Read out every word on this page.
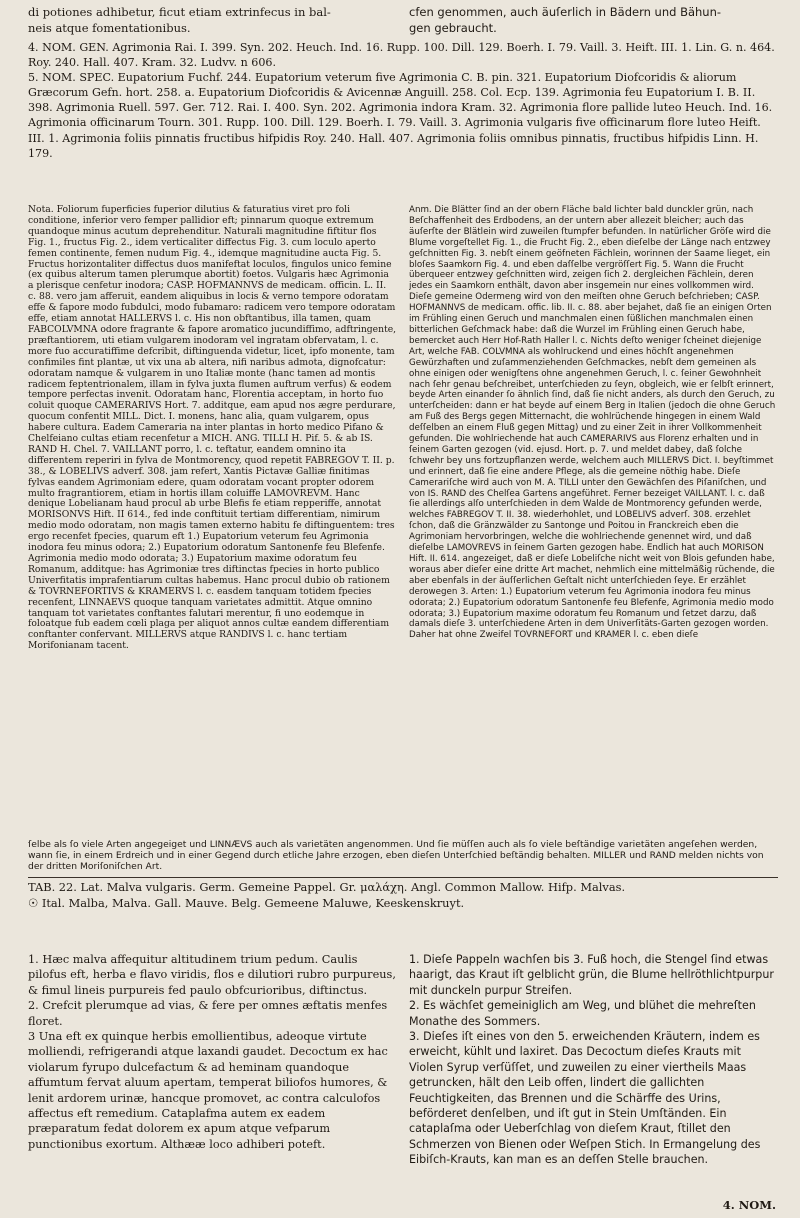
di potiones adhibetur, ficut etiam extrinfecus in bal-
neis atque fomentationibus.

cfen genommen, auch äuſerlich in Bädern und Bähun-
gen gebraucht.

4. NOM. GEN. Agrimonia Rai. I. 399. Syn. 202. Heuch. Ind. 16. Rupp. 100. Dill. 129. Boerh. I. 79. Vaill. 3. Heift. III. 1. Lin. G. n. 464. Roy. 240. Hall. 407. Kram. 32. Ludvv. n 606.
5. NOM. SPEC. Eupatorium Fuchf. 244. Eupatorium veterum five Agrimonia C. B. pin. 321. Eupatorium Diofcoridis & aliorum Græcorum Gefn. hort. 258. a. Eupatorium Diofcoridis & Avicennæ Anguill. 258. Col. Ecp. 139. Agrimonia feu Eupatorium I. B. II. 398. Agrimonia Ruell. 597. Ger. 712. Rai. I. 400. Syn. 202. Agrimonia indora Kram. 32. Agrimonia flore pallide luteo Heuch. Ind. 16. Agrimonia officinarum Tourn. 301. Rupp. 100. Dill. 129. Boerh. I. 79. Vaill. 3. Agrimonia vulgaris five officinarum flore luteo Heift. III. 1. Agrimonia foliis pinnatis fructibus hifpidis Roy. 240. Hall. 407. Agrimonia foliis omnibus pinnatis, fructibus hifpidis Linn. H. 179.

Nota. Foliorum fuperficies fuperior dilutius & faturatius viret pro foli conditione, inferior vero femper pallidior eft; pinnarum quoque extremum quandoque minus acutum deprehenditur. Naturali magnitudine fiftitur flos Fig. 1., fructus Fig. 2., idem verticaliter diffectus Fig. 3. cum loculo aperto femen continente, femen nudum Fig. 4., idemque magnitudine aucta Fig. 5. Fructus horizontaliter diffectus duos manifeftat loculos, fingulos unico femine (ex quibus alterum tamen plerumque abortit) foetos. Vulgaris hæc Agrimonia a plerisque cenfetur inodora; CASP. HOFMANNVS de medicam. officin. L. II. c. 88. vero jam afferuit, eandem aliquibus in locis & verno tempore odoratam effe & fapore modo fubdulci, modo fubamaro: radicem vero tempore odoratam effe, etiam annotat HALLERVS l. c. His non obftantibus, illa tamen, quam FABCOLVMNA odore fragrante & fapore aromatico jucundiffimo, adftringente, præftantiorem, uti etiam vulgarem inodoram vel ingratam obfervatam, l. c. more fuo accuratiffime defcribit, diftinguenda videtur, licet, ipfo monente, tam confimiles fint plantæ, ut vix una ab altera, nifi naribus admota, dignofcatur: odoratam namque & vulgarem in uno Italiæ monte (hanc tamen ad montis radicem feptentrionalem, illam in fylva juxta flumen auftrum verfus) & eodem tempore perfectas invenit. Odoratam hanc, Florentia acceptam, in horto fuo coluit quoque CAMERARIVS Hort. 7. additque, eam apud nos ægre perdurare, quocum confentit MILL. Dict. I. monens, hanc alia, quam vulgarem, opus habere cultura. Eadem Cameraria na inter plantas in horto medico Pifano & Chelfeiano cultas etiam recenfetur a MICH. ANG. TILLI H. Pif. 5. & ab IS. RAND H. Chel. 7. VAILLANT porro, l. c. teftatur, eandem omnino ita differentem reperiri in fylva de Montmorency, quod repetit FABREGOV T. II. p. 38., & LOBELIVS adverf. 308. jam refert, Xantis Pictavæ Galliæ finitimas fylvas eandem Agrimoniam edere, quam odoratam vocant propter odorem multo fragrantiorem, etiam in hortis illam coluiffe LAMOVREVM. Hanc denique Lobelianam haud procul ab urbe Blefis fe etiam repperiffe, annotat MORISONVS Hift. II 614., fed inde conftituit tertiam differentiam, nimirum medio modo odoratam, non magis tamen externo habitu fe diftinguentem: tres ergo recenfet fpecies, quarum eft 1.) Eupatorium veterum feu Agrimonia inodora feu minus odora; 2.) Eupatorium odoratum Santonenfe feu Blefenfe. Agrimonia medio modo odorata; 3.) Eupatorium maxime odoratum feu Romanum, additque: has Agrimoniæ tres diftinctas fpecies in horto publico Univerfitatis imprafentiarum cultas habemus. Hanc procul dubio ob rationem & TOVRNEFORTIVS & KRAMERVS l. c. easdem tanquam totidem fpecies recenfent, LINNAEVS quoque tanquam varietates admittit. Atque omnino tanquam tot varietates conftantes falutari merentur, fi uno eodemque in foloatque fub eadem cœli plaga per aliquot annos cultæ eandem differentiam conftanter confervant. MILLERVS atque RANDIVS l. c. hanc tertiam Morifonianam tacent.

Anm. Die Blätter ſind an der obern Fläche bald lichter bald dunckler grün, nach Beſchaffenheit des Erdbodens, an der untern aber allezeit bleicher; auch das äuſerſte der Blätlein wird zuweilen ſtumpfer befunden. In natürlicher Gröſe wird die Blume vorgeſtellet Fig. 1., die Frucht Fig. 2., eben dieſelbe der Länge nach entzwey geſchnitten Fig. 3. nebſt einem geöfneten Fächlein, worinnen der Saame lieget, ein bloſes Saamkorn Fig. 4. und eben daſſelbe vergröſſert Fig. 5. Wann die Frucht überqueer entzwey geſchnitten wird, zeigen ſich 2. dergleichen Fächlein, deren jedes ein Saamkorn enthält, davon aber insgemein nur eines vollkommen wird. Dieſe gemeine Odermeng wird von den meiſten ohne Geruch beſchrieben; CASP. HOFMANNVS de medicam. offic. lib. II. c. 88. aber bejahet, daß ſie an einigen Orten im Frühling einen Geruch und manchmalen einen ſüßlichen manchmalen einen bitterlichen Geſchmack habe: daß die Wurzel im Frühling einen Geruch habe, bemercket auch Herr Hof-Rath Haller l. c. Nichts deſto weniger ſcheinet diejenige Art, welche FAB. COLVMNA als wohlruckend und eines höchſt angenehmen Gewürzhaften und zuſammenziehenden Geſchmackes, nebſt dem gemeinen als ohne einigen oder wenigſtens ohne angenehmen Geruch, l. c. ſeiner Gewohnheit nach ſehr genau beſchreibet, unterſchieden zu ſeyn, obgleich, wie er ſelbſt erinnert, beyde Arten einander ſo ähnlich ſind, daß ſie nicht anders, als durch den Geruch, zu unterſcheiden: dann er hat beyde auf einem Berg in Italien (jedoch die ohne Geruch am Fuß des Bergs gegen Mitternacht, die wohlrüchende hingegen in einem Wald deſſelben an einem Fluß gegen Mittag) und zu einer Zeit in ihrer Vollkommenheit gefunden. Die wohlriechende hat auch CAMERARIVS aus Florenz erhalten und in ſeinem Garten gezogen (vid. ejusd. Hort. p. 7. und meldet dabey, daß ſolche ſchwehr bey uns fortzupflanzen werde, welchem auch MILLERVS Dict. I. beyſtimmet und erinnert, daß ſie eine andere Pflege, als die gemeine nöthig habe. Dieſe Camerariſche wird auch von M. A. TILLI unter den Gewächſen des Piſaniſchen, und von IS. RAND des Chelſea Gartens angeführet. Ferner bezeiget VAILLANT. l. c. daß ſie allerdings alſo unterſchieden in dem Walde de Montmorency gefunden werde, welches FABREGOV T. II. 38. wiederhohlet, und LOBELIVS adverſ. 308. erzehlet ſchon, daß die Gränzwälder zu Santonge und Poitou in Franckreich eben die Agrimoniam hervorbringen, welche die wohlriechende genennet wird, und daß dieſelbe LAMOVREVS in ſeinem Garten gezogen habe. Endlich hat auch MORISON Hift. II. 614. angezeiget, daß er dieſe Lobeliſche nicht weit von Blois gefunden habe, woraus aber dieſer eine dritte Art machet, nehmlich eine mittelmäßig rüchende, die aber ebenfals in der äuſſerlichen Geſtalt nicht unterſchieden ſeye. Er erzählet derowegen 3. Arten: 1.) Eupatorium veterum feu Agrimonia inodora feu minus odorata; 2.) Eupatorium odoratum Santonenfe feu Blefenfe, Agrimonia medio modo odorata; 3.) Eupatorium maxime odoratum feu Romanum und ſetzet darzu, daß damals dieſe 3. unterſchiedene Arten in dem Univerſitäts-Garten gezogen worden. Daher hat ohne Zweifel TOVRNEFORT und KRAMER l. c. eben dieſe

ſelbe als ſo viele Arten angegeiget und LINNÆVS auch als varietäten angenommen. Und ſie müſſen auch als ſo viele beſtändige varietäten angeſehen werden, wann ſie, in einem Erdreich und in einer Gegend durch etliche Jahre erzogen, eben dieſen Unterſchied beſtändig behalten. MILLER und RAND melden nichts von der dritten Moriſoniſchen Art.

TAB. 22. Lat. Malva vulgaris. Germ. Gemeine Pappel. Gr. μαλάχη. Angl. Common Mallow. Hifp. Malvas.
☉ Ital. Malba, Malva. Gall. Mauve. Belg. Gemeene Maluwe, Keeskenskruyt.

1. Hæc malva affequitur altitudinem trium pedum. Caulis pilofus eft, herba e flavo viridis, flos e dilutiori rubro purpureus, & fimul lineis purpureis fed paulo obfcurioribus, diftinctus.
2. Crefcit plerumque ad vias, & fere per omnes æftatis menfes floret.
3 Una eft ex quinque herbis emollientibus, adeoque virtute molliendi, refrigerandi atque laxandi gaudet. Decoctum ex hac violarum fyrupo dulcefactum & ad heminam quandoque affumtum fervat aluum apertam, temperat biliofos humores, & lenit ardorem urinæ, hancque promovet, ac contra calculofos affectus eft remedium. Cataplafma autem ex eadem præparatum fedat dolorem ex apum atque vefparum punctionibus exortum. Althææ loco adhiberi poteft.

1. Dieſe Pappeln wachſen bis 3. Fuß hoch, die Stengel ſind etwas haarigt, das Kraut iſt gelblicht grün, die Blume hellröthlichtpurpur mit dunckeln purpur Streifen.
2. Es wächſet gemeiniglich am Weg, und blühet die mehreſten Monathe des Sommers.
3. Dieſes iſt eines von den 5. erweichenden Kräutern, indem es erweicht, kühlt und laxiret. Das Decoctum dieſes Krauts mit Violen Syrup verſüſſet, und zuweilen zu einer viertheils Maas getruncken, hält den Leib offen, lindert die gallichten Feuchtigkeiten, das Brennen und die Schärffe des Urins, beförderet denſelben, und iſt gut in Stein Umſtänden. Ein cataplaſma oder Ueberſchlag von dieſem Kraut, ſtillet den Schmerzen von Bienen oder Weſpen Stich. In Ermangelung des Eibiſch-Krauts, kan man es an deſſen Stelle brauchen.

4. NOM.
